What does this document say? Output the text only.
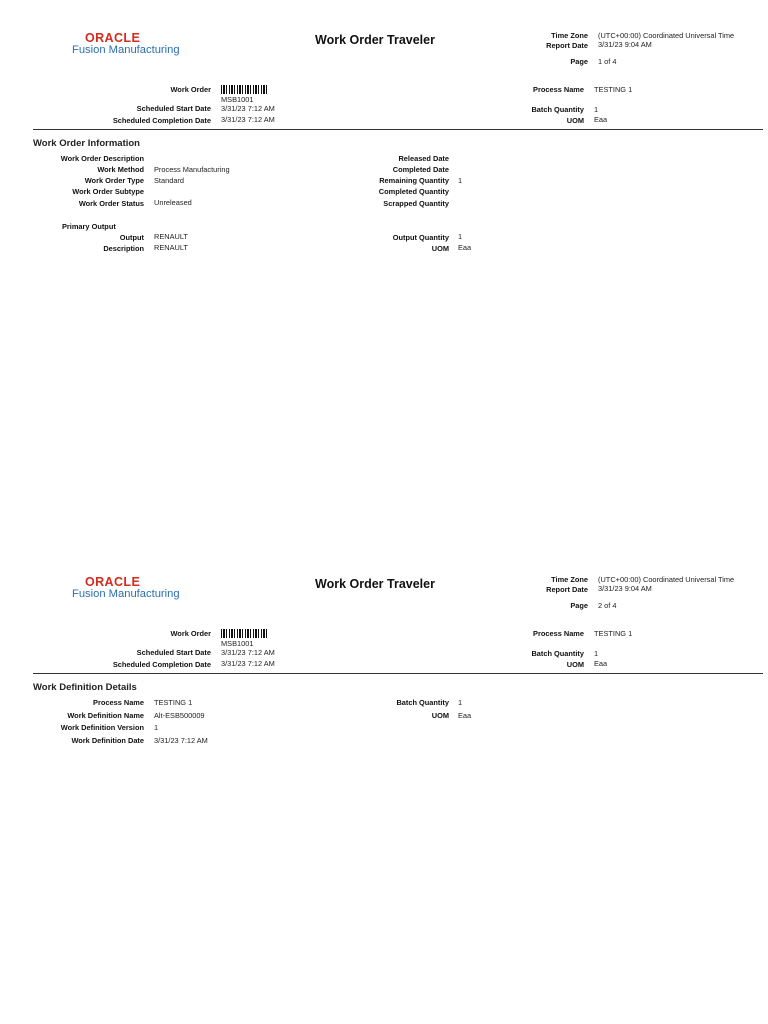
ORACLE
Fusion Manufacturing
Work Order Traveler	Time Zone (UTC+00:00) Coordinated Universal Time
Report Date 3/31/23 9:04 AM
Page 1 of 4
Work Order
MSB1001
Scheduled Start Date 3/31/23 7:12 AM
Scheduled Completion Date 3/31/23 7:12 AM
Process Name TESTING 1
Batch Quantity 1
UOM Eaa
Work Order Information
Work Order Description
Work Method Process Manufacturing
Work Order Type Standard
Work Order Subtype
Work Order Status Unreleased
Released Date
Completed Date
Remaining Quantity 1
Completed Quantity
Scrapped Quantity
Primary Output
Output RENAULT
Description RENAULT
Output Quantity 1
UOM Eaa
ORACLE
Fusion Manufacturing
Work Order Traveler	Time Zone (UTC+00:00) Coordinated Universal Time
Report Date 3/31/23 9:04 AM
Page 2 of 4
Work Order
MSB1001
Scheduled Start Date 3/31/23 7:12 AM
Scheduled Completion Date 3/31/23 7:12 AM
Process Name TESTING 1
Batch Quantity 1
UOM Eaa
Work Definition Details
Process Name TESTING 1
Work Definition Name Alt-ESB500009
Work Definition Version 1
Work Definition Date 3/31/23 7:12 AM
Batch Quantity 1
UOM Eaa
